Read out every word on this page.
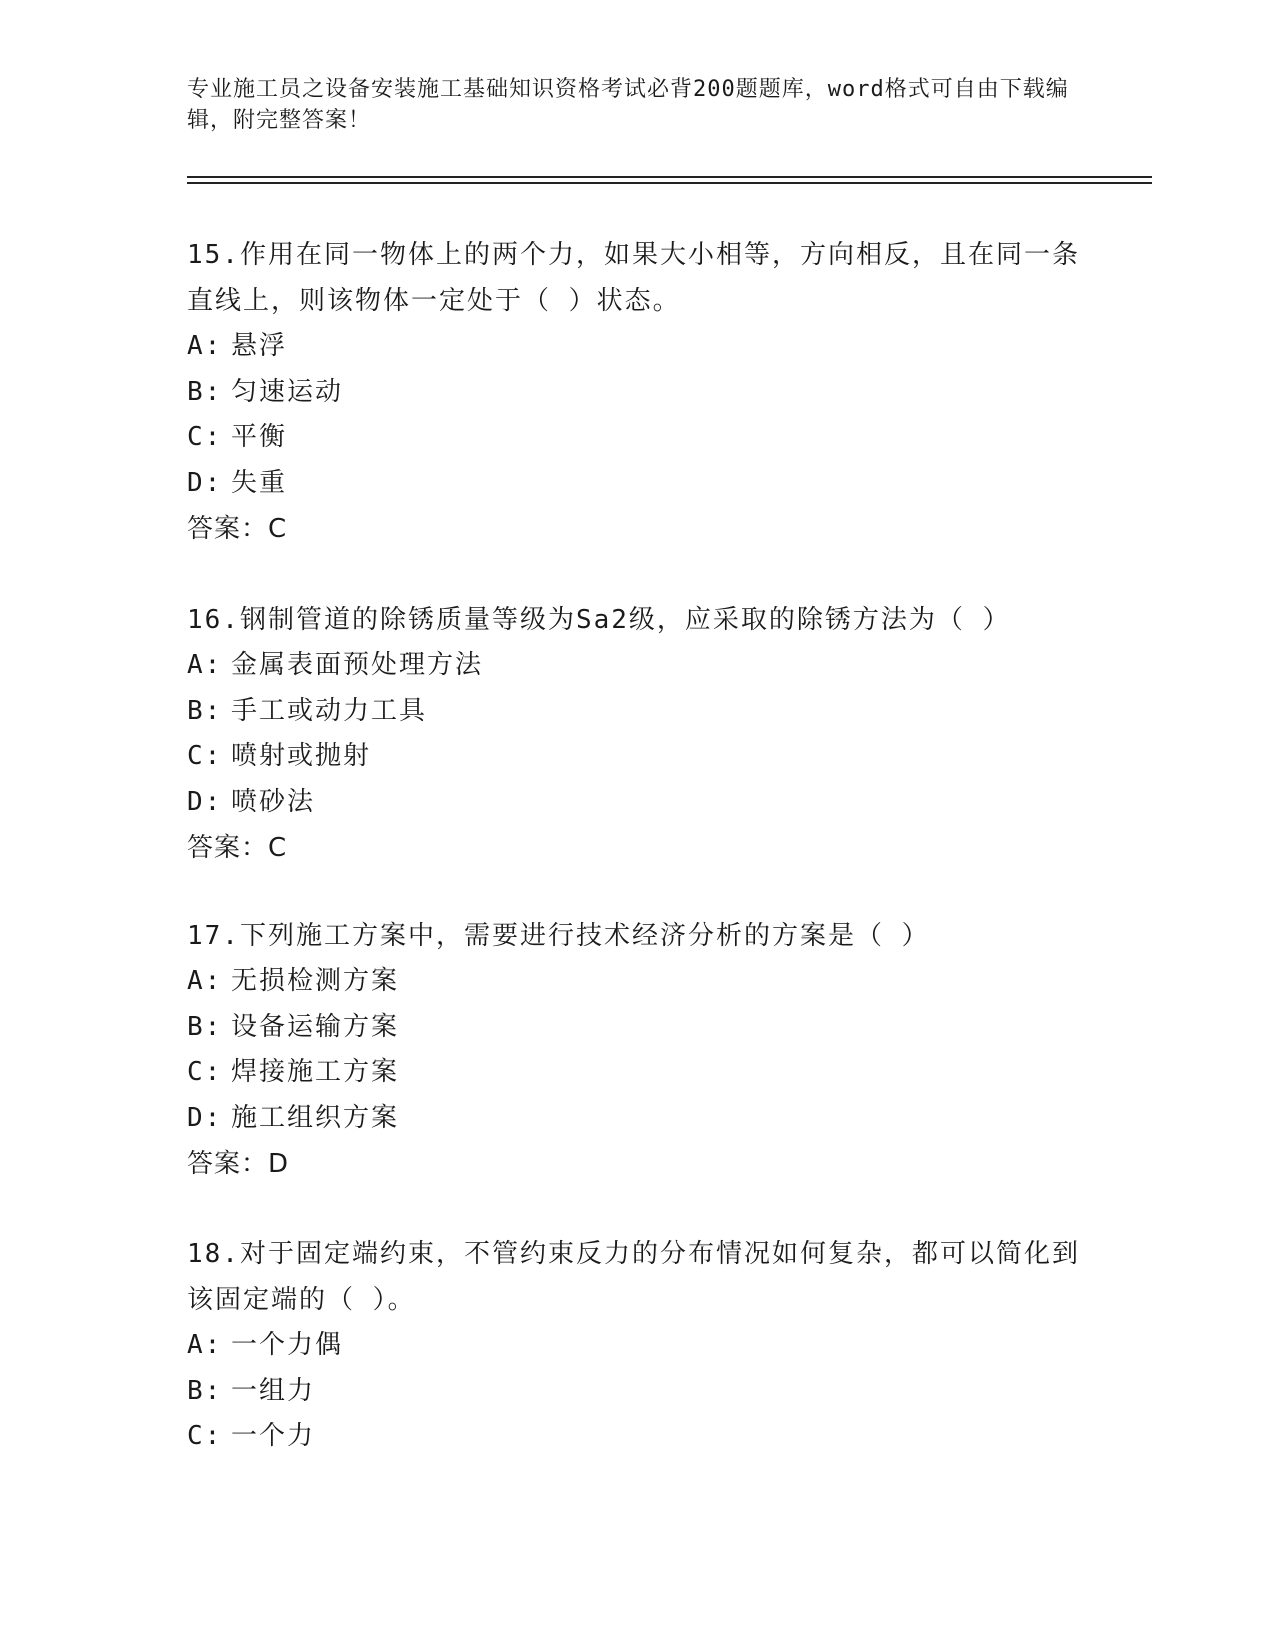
专业施工员之设备安装施工基础知识资格考试必背200题题库，word格式可自由下载编辑，附完整答案！

15.作用在同一物体上的两个力，如果大小相等，方向相反，且在同一条直线上，则该物体一定处于（ ）状态。

A: 悬浮
B: 匀速运动
C: 平衡
D: 失重
答案：C

16.钢制管道的除锈质量等级为Sa2级，应采取的除锈方法为（ ）

A: 金属表面预处理方法
B: 手工或动力工具
C: 喷射或抛射
D: 喷砂法
答案：C

17.下列施工方案中，需要进行技术经济分析的方案是（ ）

A: 无损检测方案
B: 设备运输方案
C: 焊接施工方案
D: 施工组织方案
答案：D

18.对于固定端约束，不管约束反力的分布情况如何复杂，都可以简化到该固定端的（ ）。

A: 一个力偶
B: 一组力
C: 一个力
